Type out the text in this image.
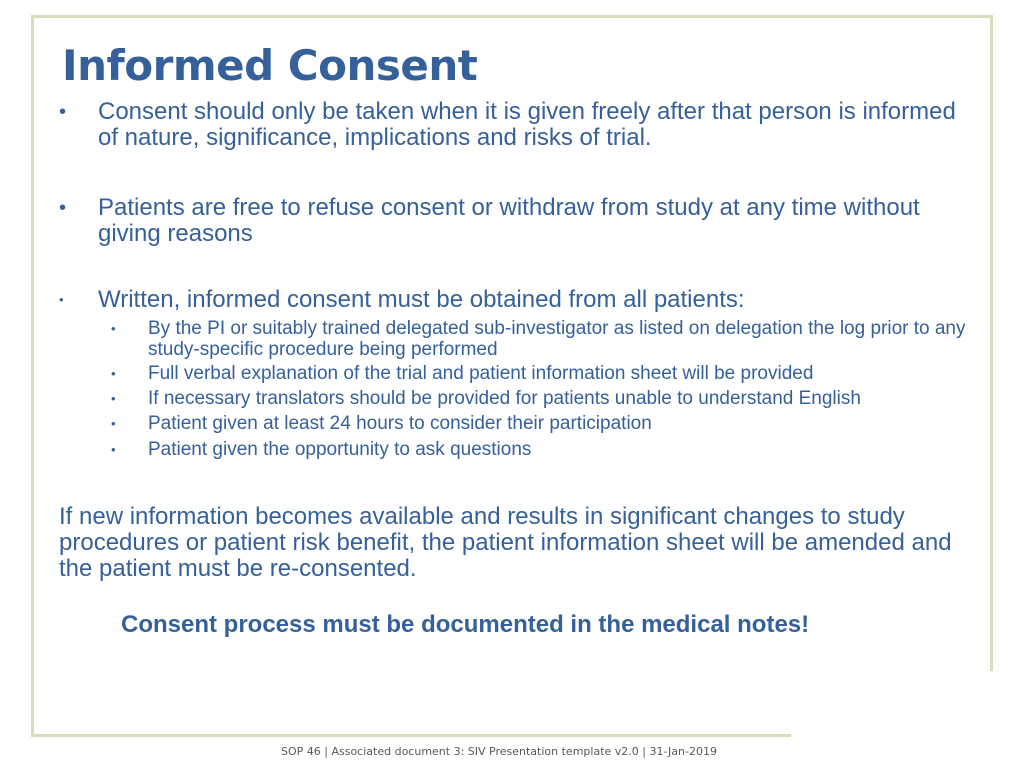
Informed Consent
• Consent should only be taken when it is given freely after that person is informed of nature, significance, implications and risks of trial.

• Patients are free to refuse consent or withdraw from study at any time without giving reasons

• Written, informed consent must be obtained from all patients:

• By the PI or suitably trained delegated sub-investigator as listed on delegation the log prior to any study-specific procedure being performed

• Full verbal explanation of the trial and patient information sheet will be provided

• If necessary translators should be provided for patients unable to understand English

• Patient given at least 24 hours to consider their participation

• Patient given the opportunity to ask questions

If new information becomes available and results in significant changes to study procedures or patient risk benefit, the patient information sheet will be amended and the patient must be re-consented.

Consent process must be documented in the medical notes!

SOP 46 | Associated document 3: SIV Presentation template v2.0 | 31-Jan-2019
